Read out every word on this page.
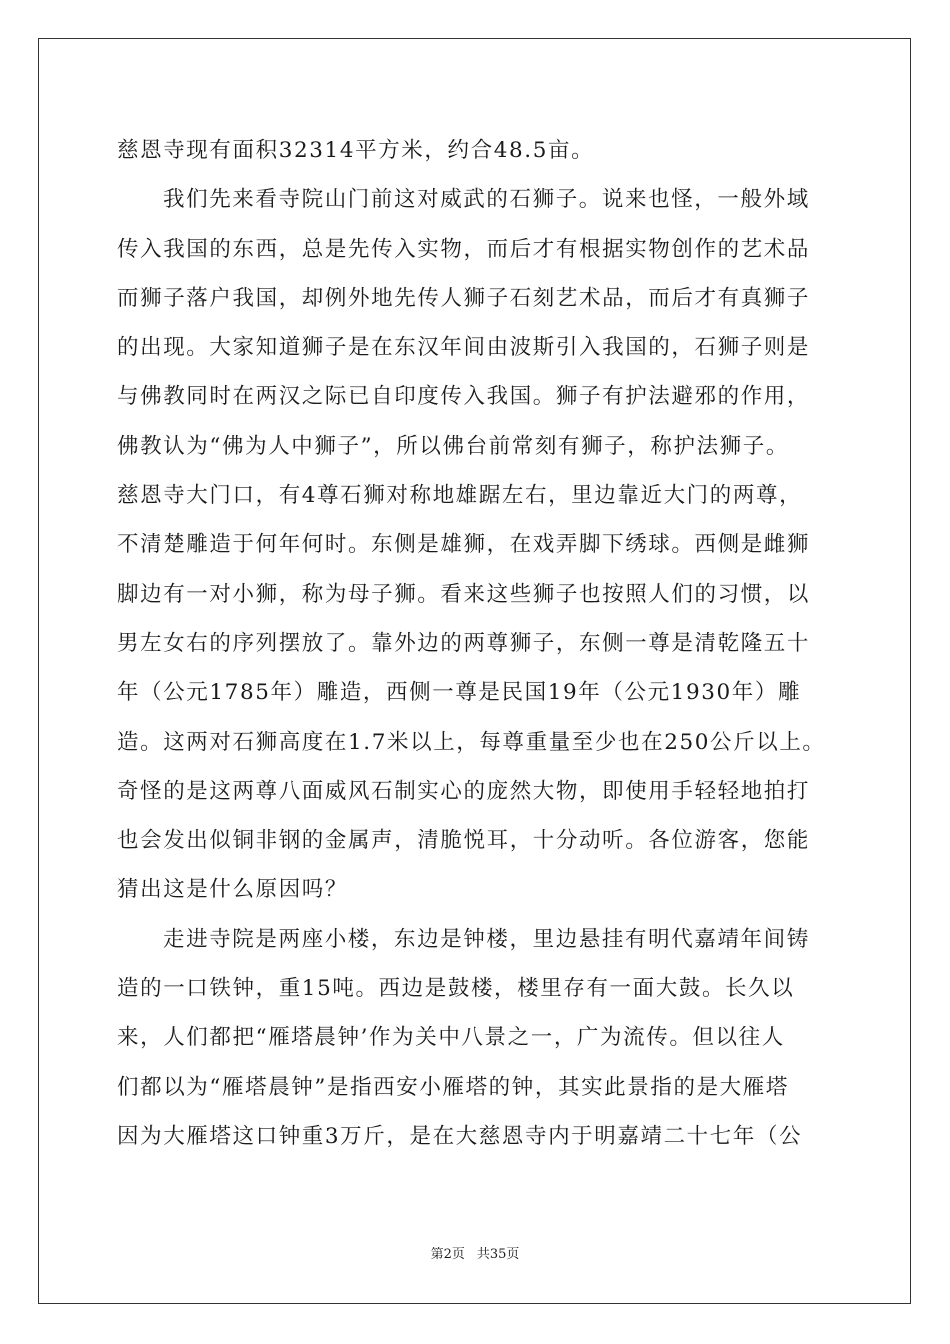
慈恩寺现有面积32314平方米，约合48.5亩。
我们先来看寺院山门前这对威武的石狮子。说来也怪，一般外域
传入我国的东西，总是先传入实物，而后才有根据实物创作的艺术品
而狮子落户我国，却例外地先传人狮子石刻艺术品，而后才有真狮子
的出现。大家知道狮子是在东汉年间由波斯引入我国的，石狮子则是
与佛教同时在两汉之际已自印度传入我国。狮子有护法避邪的作用，
佛教认为“佛为人中狮子”，所以佛台前常刻有狮子，称护法狮子。
慈恩寺大门口，有4尊石狮对称地雄踞左右，里边靠近大门的两尊，
不清楚雕造于何年何时。东侧是雄狮，在戏弄脚下绣球。西侧是雌狮
脚边有一对小狮，称为母子狮。看来这些狮子也按照人们的习惯，以
男左女右的序列摆放了。靠外边的两尊狮子，东侧一尊是清乾隆五十
年（公元1785年）雕造，西侧一尊是民国19年（公元1930年）雕
造。这两对石狮高度在1.7米以上，每尊重量至少也在250公斤以上。
奇怪的是这两尊八面威风石制实心的庞然大物，即使用手轻轻地拍打
也会发出似铜非钢的金属声，清脆悦耳，十分动听。各位游客，您能
猜出这是什么原因吗？
走进寺院是两座小楼，东边是钟楼，里边悬挂有明代嘉靖年间铸
造的一口铁钟，重15吨。西边是鼓楼，楼里存有一面大鼓。长久以
来，人们都把“雁塔晨钟’作为关中八景之一，广为流传。但以往人
们都以为“雁塔晨钟”是指西安小雁塔的钟，其实此景指的是大雁塔
因为大雁塔这口钟重3万斤，是在大慈恩寺内于明嘉靖二十七年（公
第2页 共35页
